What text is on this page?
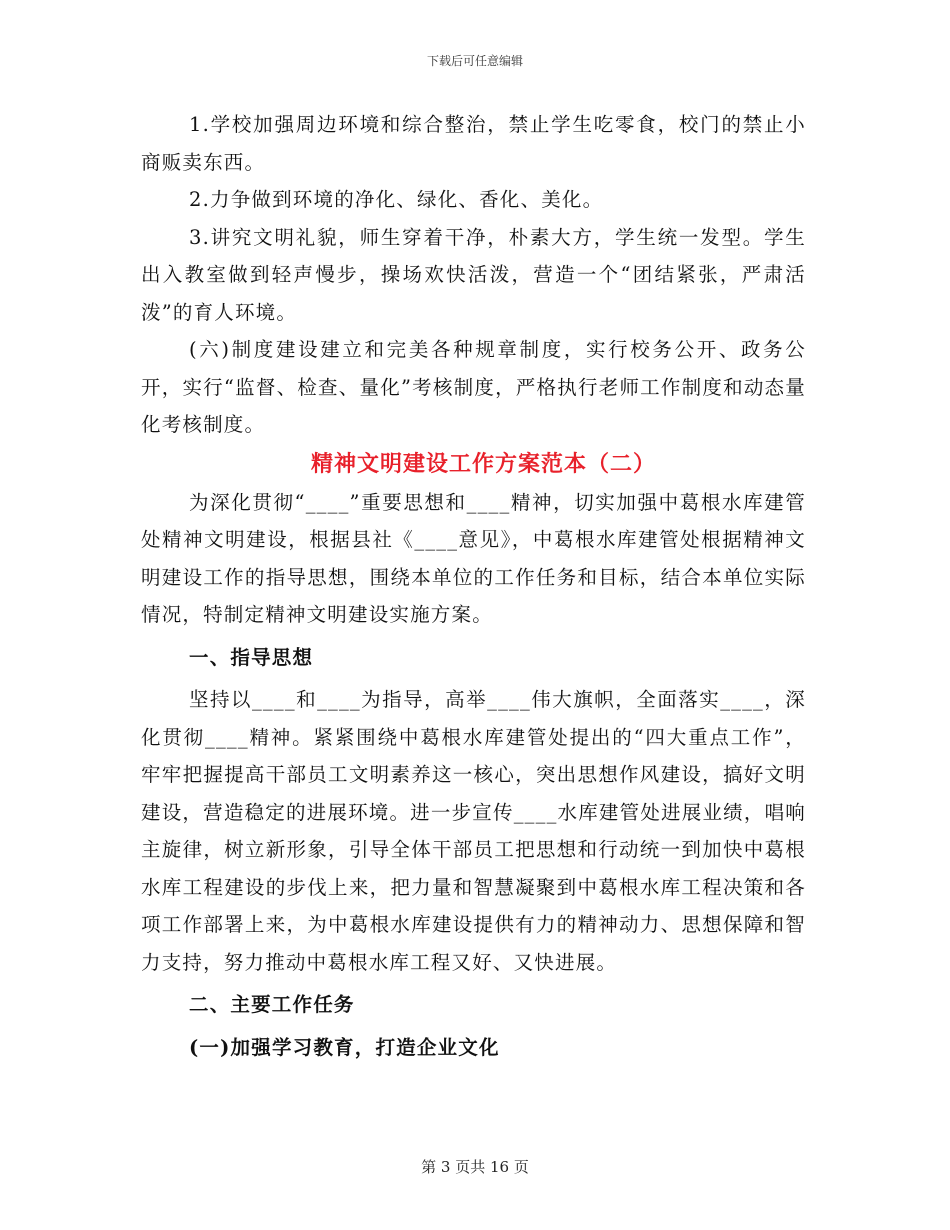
下载后可任意编辑

1.学校加强周边环境和综合整治，禁止学生吃零食，校门的禁止小商贩卖东西。

2.力争做到环境的净化、绿化、香化、美化。

3.讲究文明礼貌，师生穿着干净，朴素大方，学生统一发型。学生出入教室做到轻声慢步，操场欢快活泼，营造一个“团结紧张，严肃活泼”的育人环境。

(六)制度建设建立和完美各种规章制度，实行校务公开、政务公开，实行“监督、检查、量化”考核制度，严格执行老师工作制度和动态量化考核制度。

精神文明建设工作方案范本（二）

为深化贯彻“____”重要思想和____精神，切实加强中葛根水库建管处精神文明建设，根据县社《____意见》，中葛根水库建管处根据精神文明建设工作的指导思想，围绕本单位的工作任务和目标，结合本单位实际情况，特制定精神文明建设实施方案。

一、指导思想

坚持以____和____为指导，高举____伟大旗帜，全面落实____，深化贯彻____精神。紧紧围绕中葛根水库建管处提出的“四大重点工作”，牢牢把握提高干部员工文明素养这一核心，突出思想作风建设，搞好文明建设，营造稳定的进展环境。进一步宣传____水库建管处进展业绩，唱响主旋律，树立新形象，引导全体干部员工把思想和行动统一到加快中葛根水库工程建设的步伐上来，把力量和智慧凝聚到中葛根水库工程决策和各项工作部署上来，为中葛根水库建设提供有力的精神动力、思想保障和智力支持，努力推动中葛根水库工程又好、又快进展。

二、主要工作任务

(一)加强学习教育，打造企业文化

第 3 页共 16 页
